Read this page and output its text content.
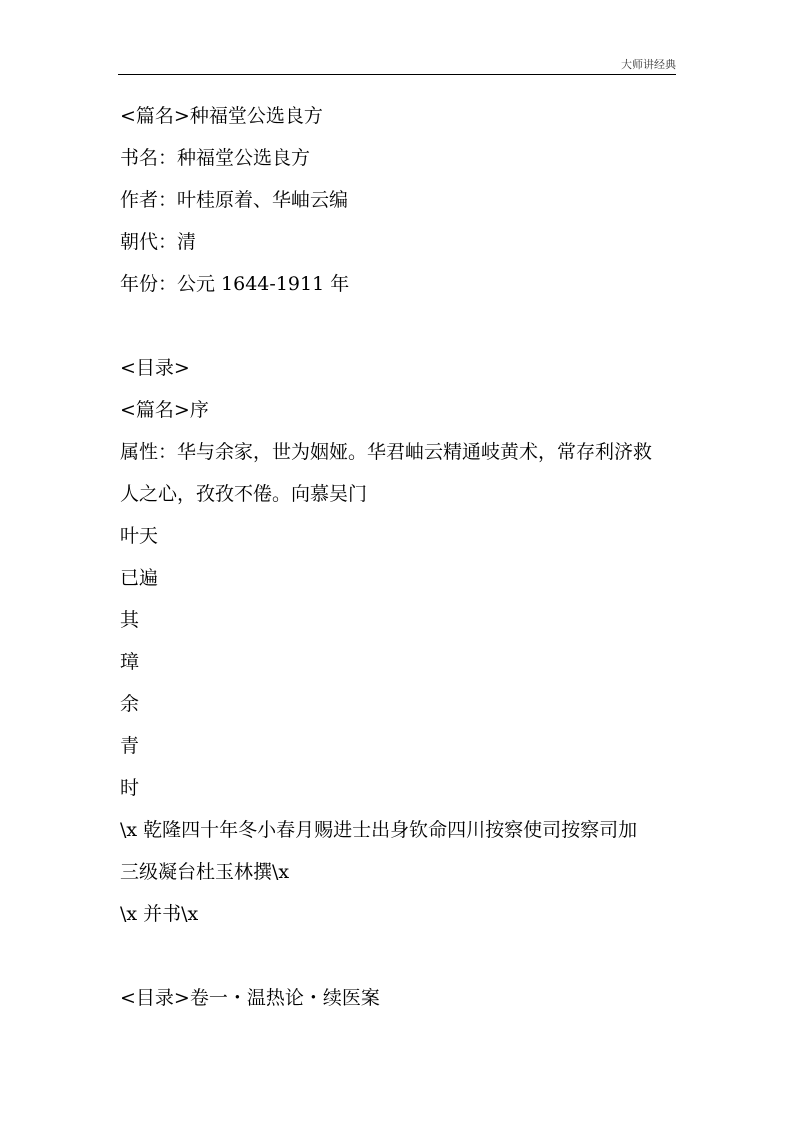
大师讲经典
<篇名>种福堂公选良方
书名：种福堂公选良方
作者：叶桂原着、华岫云编
朝代：清
年份：公元 1644-1911 年
<目录>
<篇名>序
属性：华与余家，世为姻娅。华君岫云精通岐黄术，常存利济救
人之心，孜孜不倦。向慕吴门
叶天
已遍
其
璋
余
青
时
\x 乾隆四十年冬小春月赐进士出身钦命四川按察使司按察司加
三级凝台杜玉林撰\x
\x 并书\x
<目录>卷一・温热论・续医案
